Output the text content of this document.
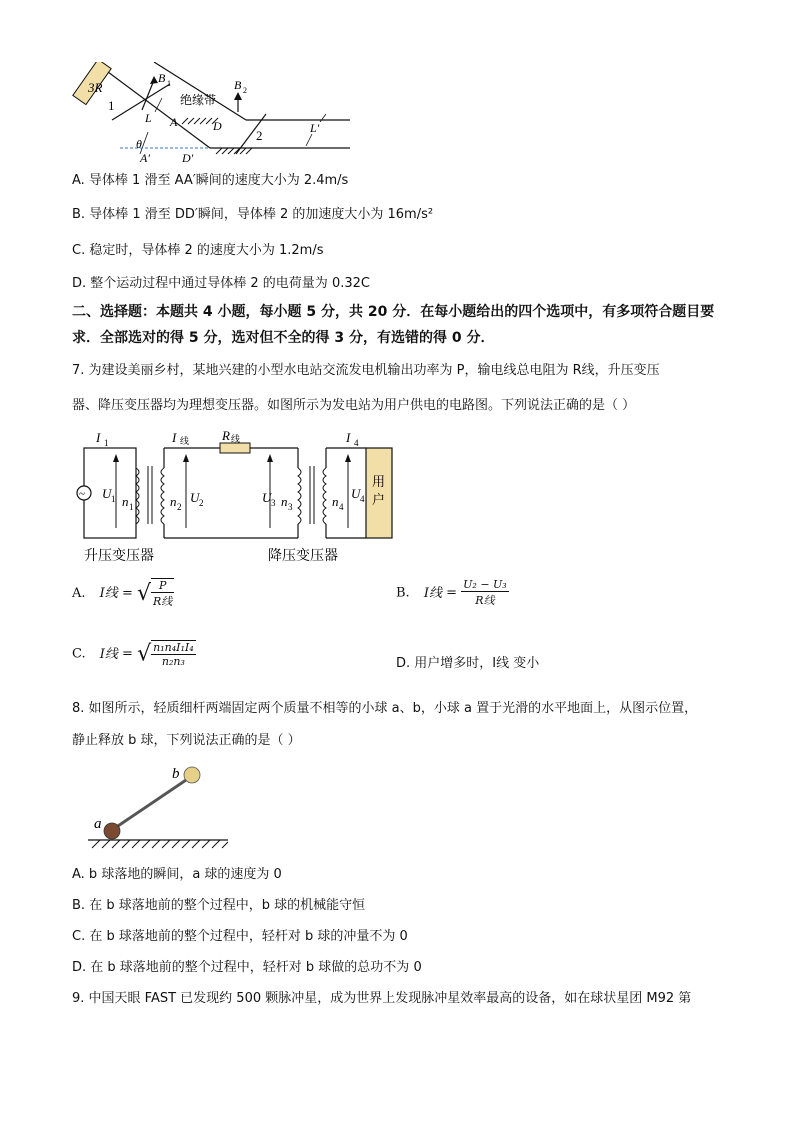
3R
1
B 1
L
绝缘带
A	D
A′	D′
θ
B 2
2	L′
A. 导体棒 1 滑至 AA′瞬间的速度大小为 2.4m/s
B. 导体棒 1 滑至 DD′瞬间，导体棒 2 的加速度大小为 16m/s²
C. 稳定时，导体棒 2 的速度大小为 1.2m/s
D. 整个运动过程中通过导体棒 2 的电荷量为 0.32C
二、选择题：本题共 4 小题，每小题 5 分，共 20 分．在每小题给出的四个选项中，有多项符合题目要求．全部选对的得 5 分，选对但不全的得 3 分，有选错的得 0 分．
7. 为建设美丽乡村，某地兴建的小型水电站交流发电机输出功率为 P，输电线总电阻为 R线，升压变压
器、降压变压器均为理想变压器。如图所示为发电站为用户供电的电路图。下列说法正确的是（ ）
~
I 1
U 1 n 1
R 线
I 线
n 2
U 2	U 3 n 3
I 4
n 4
U 4
用户
升压变压器	降压变压器
A. I线 = √ $\frac{P}{\text{R线}}$	B. I线 = $\frac{\text{U₂ − U₃}}{\text{R线}}$
C. I线 = √ $\frac{\text{n₁n₄I₁I₄}}{\text{n₂n₃}}$	D. 用户增多时，I线 变小
8. 如图所示，轻质细杆两端固定两个质量不相等的小球 a、b，小球 a 置于光滑的水平地面上，从图示位置，
静止释放 b 球，下列说法正确的是（ ）
a
b
A. b 球落地的瞬间，a 球的速度为 0
B. 在 b 球落地前的整个过程中，b 球的机械能守恒
C. 在 b 球落地前的整个过程中，轻杆对 b 球的冲量不为 0
D. 在 b 球落地前的整个过程中，轻杆对 b 球做的总功不为 0
9. 中国天眼 FAST 已发现约 500 颗脉冲星，成为世界上发现脉冲星效率最高的设备，如在球状星团 M92 第
